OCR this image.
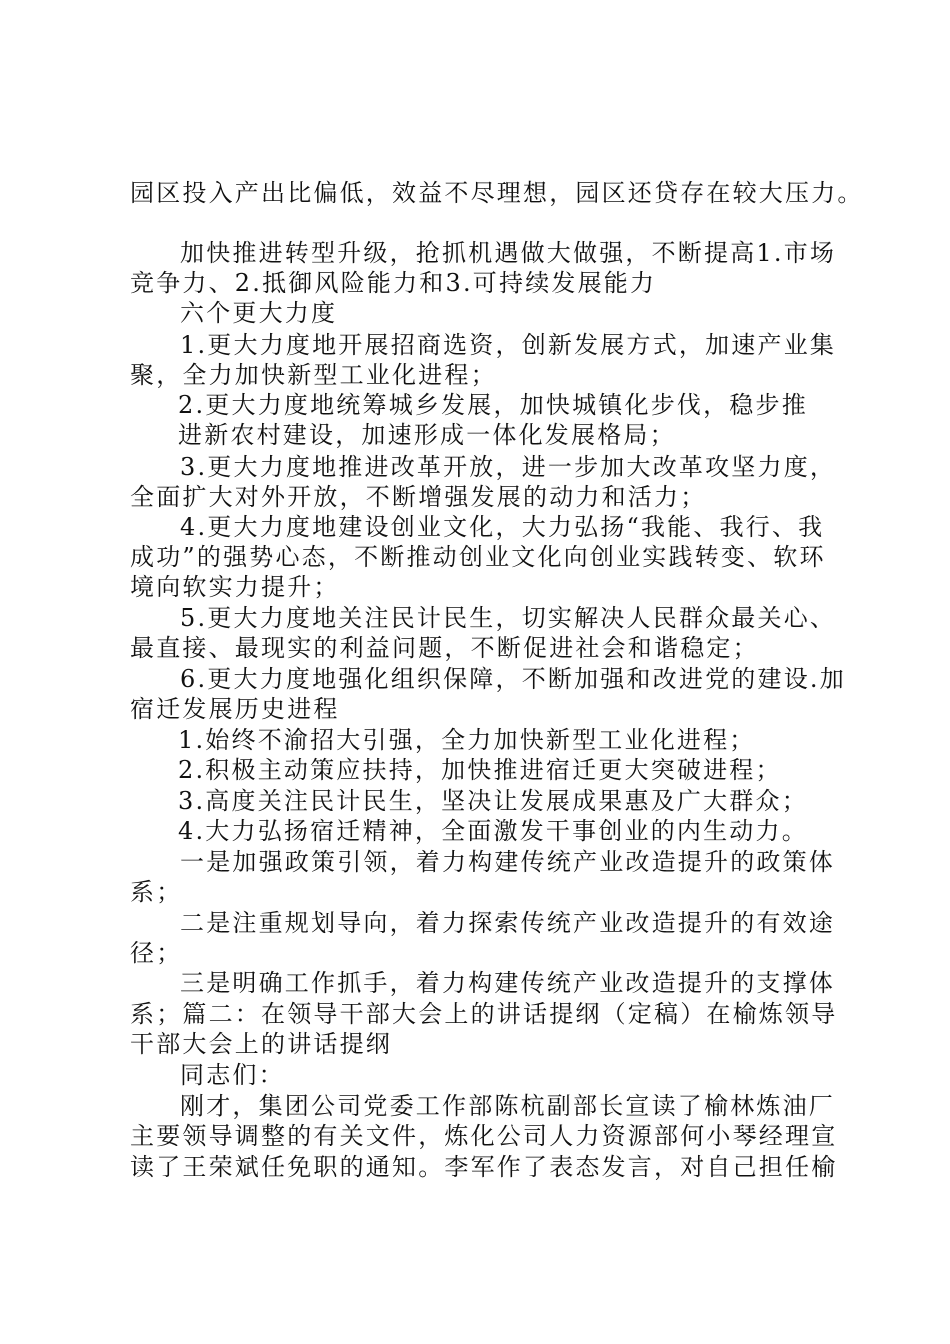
园区投入产出比偏低，效益不尽理想，园区还贷存在较大压力。
加快推进转型升级，抢抓机遇做大做强，不断提高1.市场
竞争力、2.抵御风险能力和3.可持续发展能力
六个更大力度
1.更大力度地开展招商选资，创新发展方式，加速产业集
聚，全力加快新型工业化进程；
2.更大力度地统筹城乡发展，加快城镇化步伐，稳步推
进新农村建设，加速形成一体化发展格局；
3.更大力度地推进改革开放，进一步加大改革攻坚力度，
全面扩大对外开放，不断增强发展的动力和活力；
4.更大力度地建设创业文化，大力弘扬“我能、我行、我
成功”的强势心态，不断推动创业文化向创业实践转变、软环
境向软实力提升；
5.更大力度地关注民计民生，切实解决人民群众最关心、
最直接、最现实的利益问题，不断促进社会和谐稳定；
6.更大力度地强化组织保障，不断加强和改进党的建设.加
宿迁发展历史进程
1.始终不渝招大引强，全力加快新型工业化进程；
2.积极主动策应扶持，加快推进宿迁更大突破进程；
3.高度关注民计民生，坚决让发展成果惠及广大群众；
4.大力弘扬宿迁精神，全面激发干事创业的内生动力。
一是加强政策引领，着力构建传统产业改造提升的政策体
系；
二是注重规划导向，着力探索传统产业改造提升的有效途
径；
三是明确工作抓手，着力构建传统产业改造提升的支撑体
系；篇二：在领导干部大会上的讲话提纲（定稿）在榆炼领导
干部大会上的讲话提纲
同志们：
刚才，集团公司党委工作部陈杭副部长宣读了榆林炼油厂
主要领导调整的有关文件，炼化公司人力资源部何小琴经理宣
读了王荣斌任免职的通知。李军作了表态发言，对自己担任榆
